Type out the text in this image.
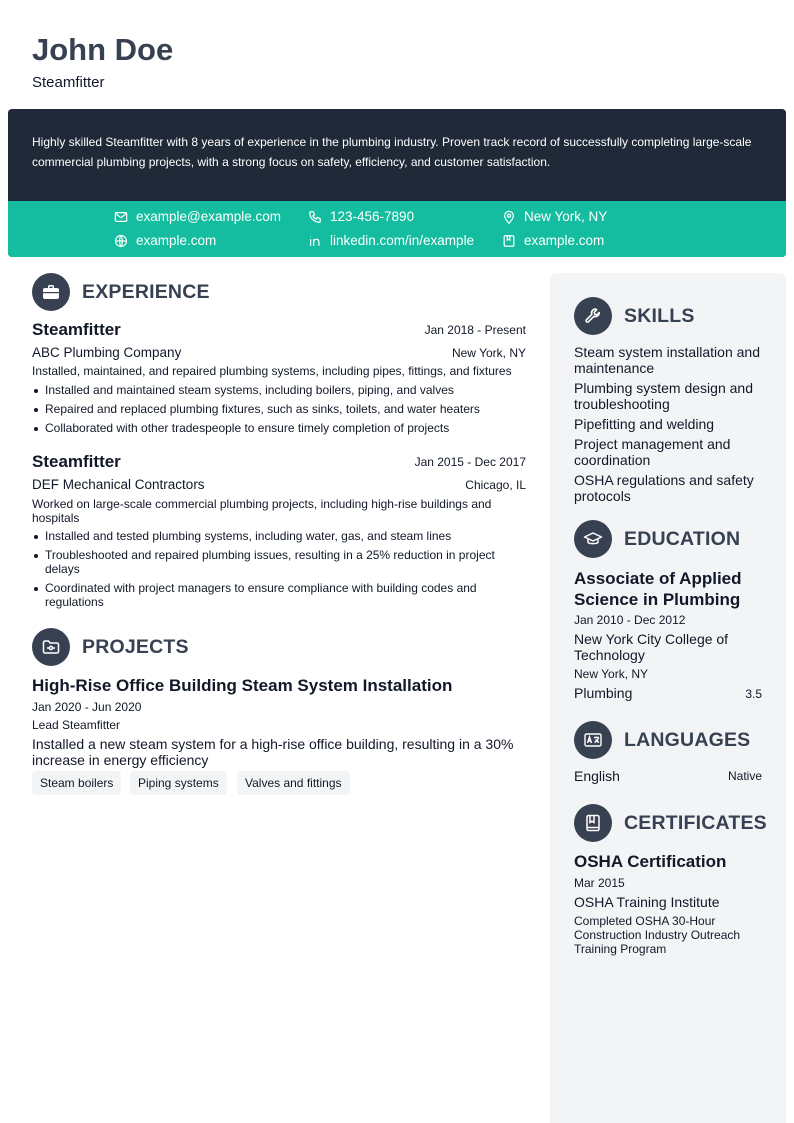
John Doe
Steamfitter
Highly skilled Steamfitter with 8 years of experience in the plumbing industry. Proven track record of successfully completing large-scale commercial plumbing projects, with a strong focus on safety, efficiency, and customer satisfaction.
example@example.com	123-456-7890	New York, NY
example.com	linkedin.com/in/example	example.com
EXPERIENCE
Steamfitter	Jan 2018 - Present
ABC Plumbing Company	New York, NY
Installed, maintained, and repaired plumbing systems, including pipes, fittings, and fixtures
Installed and maintained steam systems, including boilers, piping, and valves
Repaired and replaced plumbing fixtures, such as sinks, toilets, and water heaters
Collaborated with other tradespeople to ensure timely completion of projects
Steamfitter	Jan 2015 - Dec 2017
DEF Mechanical Contractors	Chicago, IL
Worked on large-scale commercial plumbing projects, including high-rise buildings and hospitals
Installed and tested plumbing systems, including water, gas, and steam lines
Troubleshooted and repaired plumbing issues, resulting in a 25% reduction in project delays
Coordinated with project managers to ensure compliance with building codes and regulations
PROJECTS
High-Rise Office Building Steam System Installation
Jan 2020 - Jun 2020
Lead Steamfitter
Installed a new steam system for a high-rise office building, resulting in a 30% increase in energy efficiency
Steam boilers	Piping systems	Valves and fittings
SKILLS
Steam system installation and maintenance
Plumbing system design and troubleshooting
Pipefitting and welding
Project management and coordination
OSHA regulations and safety protocols
EDUCATION
Associate of Applied Science in Plumbing
Jan 2010 - Dec 2012
New York City College of Technology
New York, NY
Plumbing	3.5
LANGUAGES
English	Native
CERTIFICATES
OSHA Certification
Mar 2015
OSHA Training Institute
Completed OSHA 30-Hour Construction Industry Outreach Training Program
